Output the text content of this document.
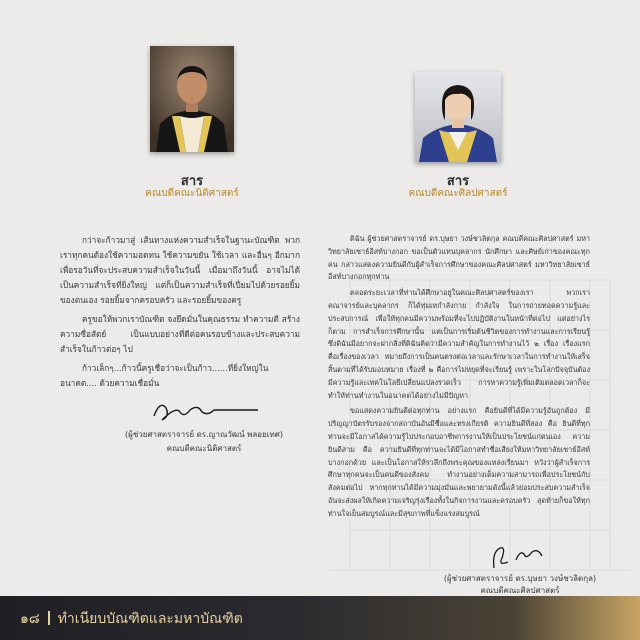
สาร
คณบดีคณะนิติศาสตร์

กว่าจะก้าวมาสู่ เส้นทางแห่งความสำเร็จในฐานะบัณฑิต พวกเราทุกคนต้องใช้ความอดทน ใช้ความขยัน ใช้เวลา และอื่นๆ อีกมาก เพื่อรอวันที่จะประสบความสำเร็จในวันนี้ เมื่อมาถึงวันนี้ อาจไม่ได้เป็นความสำเร็จที่ยิ่งใหญ่ แต่ก็เป็นความสำเร็จที่เปี่ยมไปด้วยรอยยิ้มของตนเอง รอยยิ้มจากครอบครัว และรอยยิ้มของครู

ครูขอให้พวกเราบัณฑิต จงยึดมั่นในคุณธรรม ทำความดี สร้างความซื่อสัตย์ เป็นแบบอย่างที่ดีต่อคนรอบข้างและประสบความสำเร็จในก้าวต่อๆ ไป

ก้าวเล็กๆ...ก้าวนี้ครูเชื่อว่าจะเป็นก้าว......ที่ยิ่งใหญ่ในอนาคต.... ด้วยความเชื่อมั่น

(ผู้ช่วยศาสตราจารย์ ดร.ญาณวัฒน์ พลอยเทศ)
คณบดีคณะนิติศาสตร์
สาร
คณบดีคณะศิลปศาสตร์

ดิฉัน ผู้ช่วยศาสตราจารย์ ดร.บุษยา วงษ์ชวลิตกุล คณบดีคณะศิลปศาสตร์ มหาวิทยาลัยเซาธ์อีสท์บางกอก ขอเป็นตัวแทนบุคลากร นักศึกษา และศิษย์เก่าของคณะทุกคน กล่าวแสดงความยินดีกับผู้สำเร็จการศึกษาของคณะศิลปศาสตร์ มหาวิทยาลัยเซาธ์อีสท์บางกอกทุกท่าน

ตลอดระยะเวลาที่ท่านได้ศึกษาอยู่ในคณะศิลปศาสตร์ของเรา พวกเราคณาจารย์และบุคลากร ก็ได้ทุ่มเทกำลังกาย กำลังใจ ในการถ่ายทอดความรู้และประสบการณ์ เพื่อให้ทุกคนมีความพร้อมที่จะไปปฏิบัติงานในหน้าที่ต่อไป แต่อย่างไรก็ตาม การสำเร็จการศึกษานั้น แค่เป็นการเริ่มต้นชีวิตของการทำงานและการเรียนรู้ ซึ่งดิฉันมีอยากจะฝากสิ่งที่ดิฉันคิดว่ามีความสำคัญในการทำงานไว้ ๒ เรื่อง เรื่องแรกคือเรื่องของเวลา หมายถึงการเป็นคนตรงต่อเวลาและรักษาเวลาในการทำงานให้เสร็จสิ้นตามที่ได้รับมอบหมาย เรื่องที่ ๒ คือการไม่หยุดที่จะเรียนรู้ เพราะในโลกปัจจุบันต้องมีความรู้และเทคโนโลยีเปลี่ยนแปลงรวดเร็ว การหาความรู้เพิ่มเติมตลอดเวลาก็จะทำให้ท่านทำงานในอนาคตได้อย่างไม่มีปัญหา

ขอแสดงความยินดีต่อทุกท่าน อย่างแรก คือยินดีที่ได้มีความรู้อันถูกต้อง มีปริญญาบัตรรับรองจากสถาบันอันมีชื่อและทรงเกียรติ ความยินดีที่สอง คือ ยินดีที่ทุกท่านจะมีโอกาสได้ความรู้ไปประกอบอาชีพการงานให้เป็นประโยชน์แก่ตนเอง ความยินดีสาม คือ ความยินดีที่ทุกท่านจะได้มีโอกาสทำชื่อเสียงให้มหาวิทยาลัยเซาธ์อีสท์บางกอกด้วย และเป็นโอกาสให้รวลึกถึงพระคุณของแหล่งเรียนมา หวังว่าผู้สำเร็จการศึกษาทุกคนจะเป็นคนดีของสังคม ทำงานอย่างเต็มความสามารถเพื่อประโยชน์กับสังคมต่อไป หากทุกท่านได้มีความมุ่งมั่นและพยายามดังนี้แล้วย่อมประสบความสำเร็จอันจะส่งผลให้เกิดความเจริญรุ่งเรืองทั้งในกิจการงานและครอบครัว สุดท้ายก็ขอให้ทุกท่านใจเย็นสมบูรณ์และมีสุขภาพที่แข็งแรงสมบูรณ์

(ผู้ช่วยศาสตราจารย์ ดร.บุษยา วงษ์ชวลิตกุล)
คณบดีคณะศิลปศาสตร์
๑๘ ทำเนียบบัณฑิตและมหาบัณฑิต
